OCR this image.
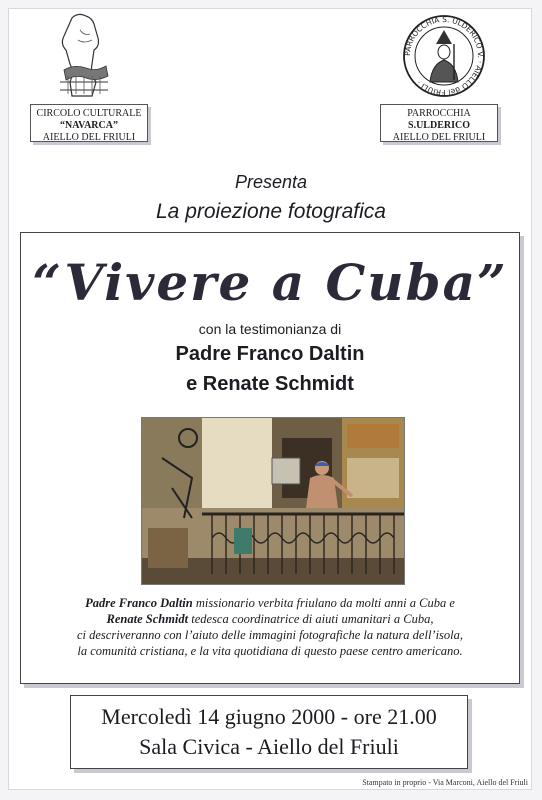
CIRCOLO CULTURALE
“NAVARCA”
AIELLO DEL FRIULI
PARROCCHIA S. ULDERICO V. · AIELLO del FRIULI ·
PARROCCHIA
S.ULDERICO
AIELLO DEL FRIULI
Presenta
La proiezione fotografica
“Vivere a Cuba”
con la testimonianza di
Padre Franco Daltin
e Renate Schmidt
Padre Franco Daltin missionario verbita friulano da molti anni a Cuba e
Renate Schmidt tedesca coordinatrice di aiuti umanitari a Cuba,
ci descriveranno con l’aiuto delle immagini fotografiche la natura dell’isola,
la comunità cristiana, e la vita quotidiana di questo paese centro americano.
Mercoledì 14 giugno 2000 - ore 21.00
Sala Civica - Aiello del Friuli
Stampato in proprio - Via Marconi, Aiello del Friuli
